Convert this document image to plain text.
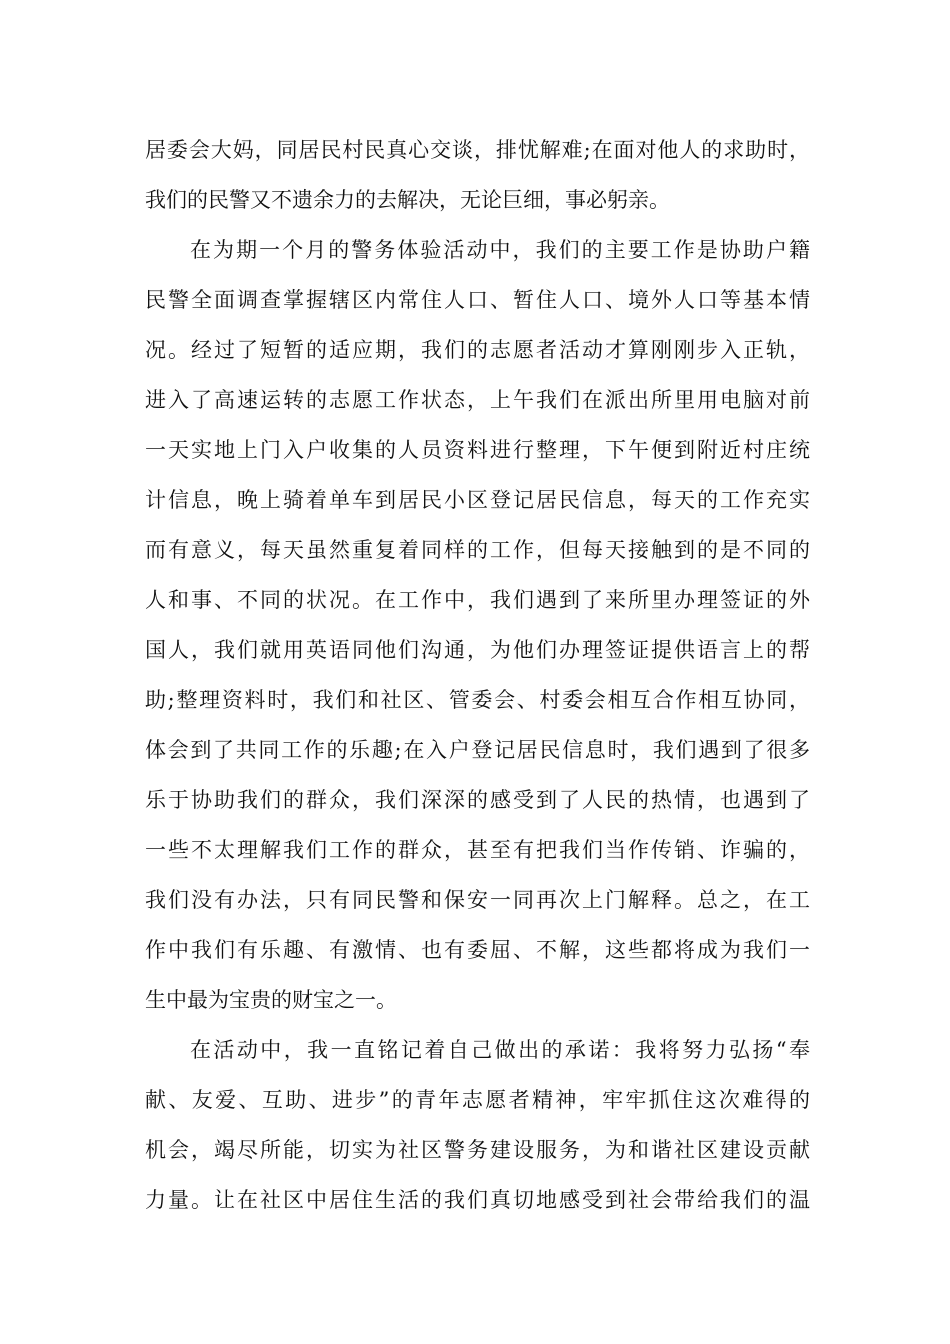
居委会大妈，同居民村民真心交谈，排忧解难;在面对他人的求助时，
我们的民警又不遗余力的去解决，无论巨细，事必躬亲。
在为期一个月的警务体验活动中，我们的主要工作是协助户籍
民警全面调查掌握辖区内常住人口、暂住人口、境外人口等基本情
况。经过了短暂的适应期，我们的志愿者活动才算刚刚步入正轨，
进入了高速运转的志愿工作状态，上午我们在派出所里用电脑对前
一天实地上门入户收集的人员资料进行整理，下午便到附近村庄统
计信息，晚上骑着单车到居民小区登记居民信息，每天的工作充实
而有意义，每天虽然重复着同样的工作，但每天接触到的是不同的
人和事、不同的状况。在工作中，我们遇到了来所里办理签证的外
国人，我们就用英语同他们沟通，为他们办理签证提供语言上的帮
助;整理资料时，我们和社区、管委会、村委会相互合作相互协同，
体会到了共同工作的乐趣;在入户登记居民信息时，我们遇到了很多
乐于协助我们的群众，我们深深的感受到了人民的热情，也遇到了
一些不太理解我们工作的群众，甚至有把我们当作传销、诈骗的，
我们没有办法，只有同民警和保安一同再次上门解释。总之，在工
作中我们有乐趣、有激情、也有委屈、不解，这些都将成为我们一
生中最为宝贵的财宝之一。
在活动中，我一直铭记着自己做出的承诺：我将努力弘扬“奉
献、友爱、互助、进步”的青年志愿者精神，牢牢抓住这次难得的
机会，竭尽所能，切实为社区警务建设服务，为和谐社区建设贡献
力量。让在社区中居住生活的我们真切地感受到社会带给我们的温
